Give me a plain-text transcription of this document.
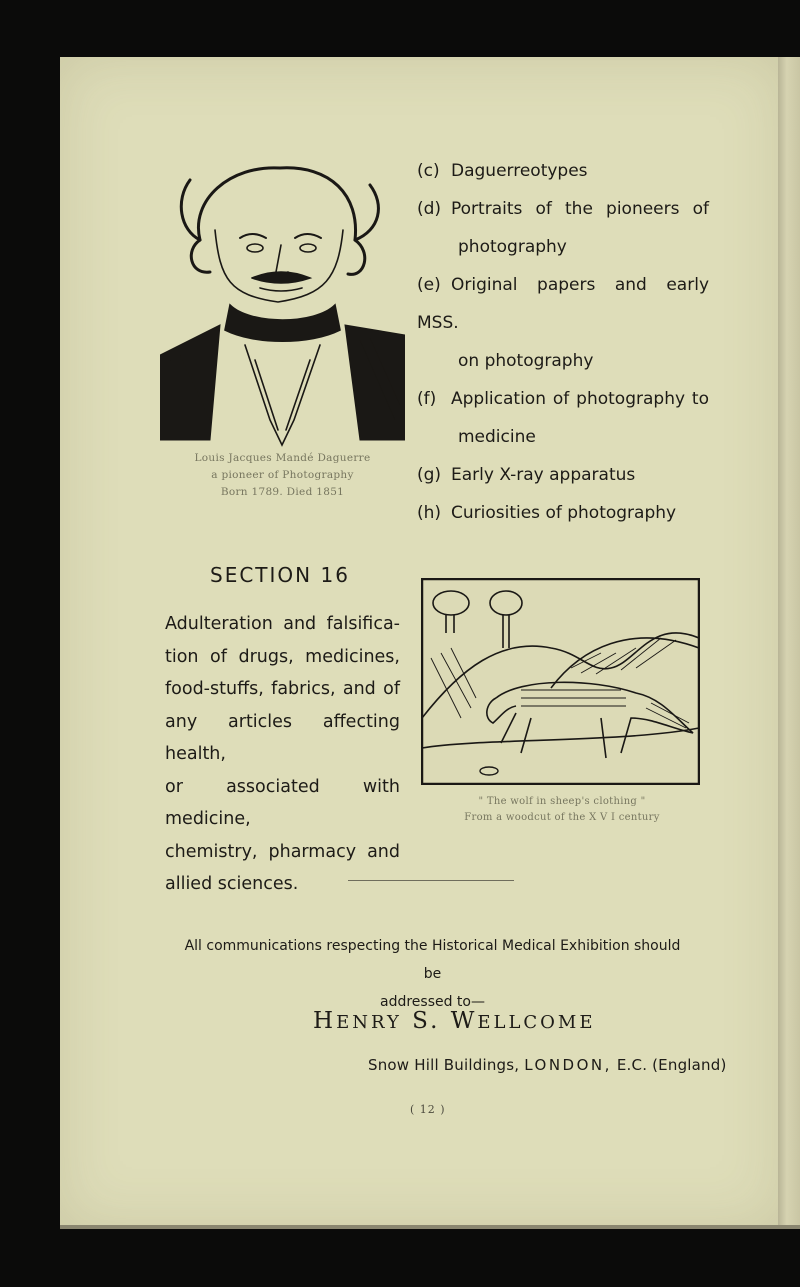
Louis Jacques Mandé Daguerre
a pioneer of Photography
Born 1789. Died 1851
(c) Daguerreotypes
(d) Portraits of the pioneers of
photography
(e) Original papers and early MSS.
on photography
(f) Application of photography to
medicine
(g) Early X-ray apparatus
(h) Curiosities of photography
SECTION 16
Adulteration and falsifica-
tion of drugs, medicines,
food-stuffs, fabrics, and of
any articles affecting health,
or associated with medicine,
chemistry, pharmacy and
allied sciences.
" The wolf in sheep's clothing "
From a woodcut of the X V I century
All communications respecting the Historical Medical Exhibition should be
addressed to—
HENRY S. WELLCOME
Snow Hill Buildings, LONDON, E.C. (England)
( 12 )
